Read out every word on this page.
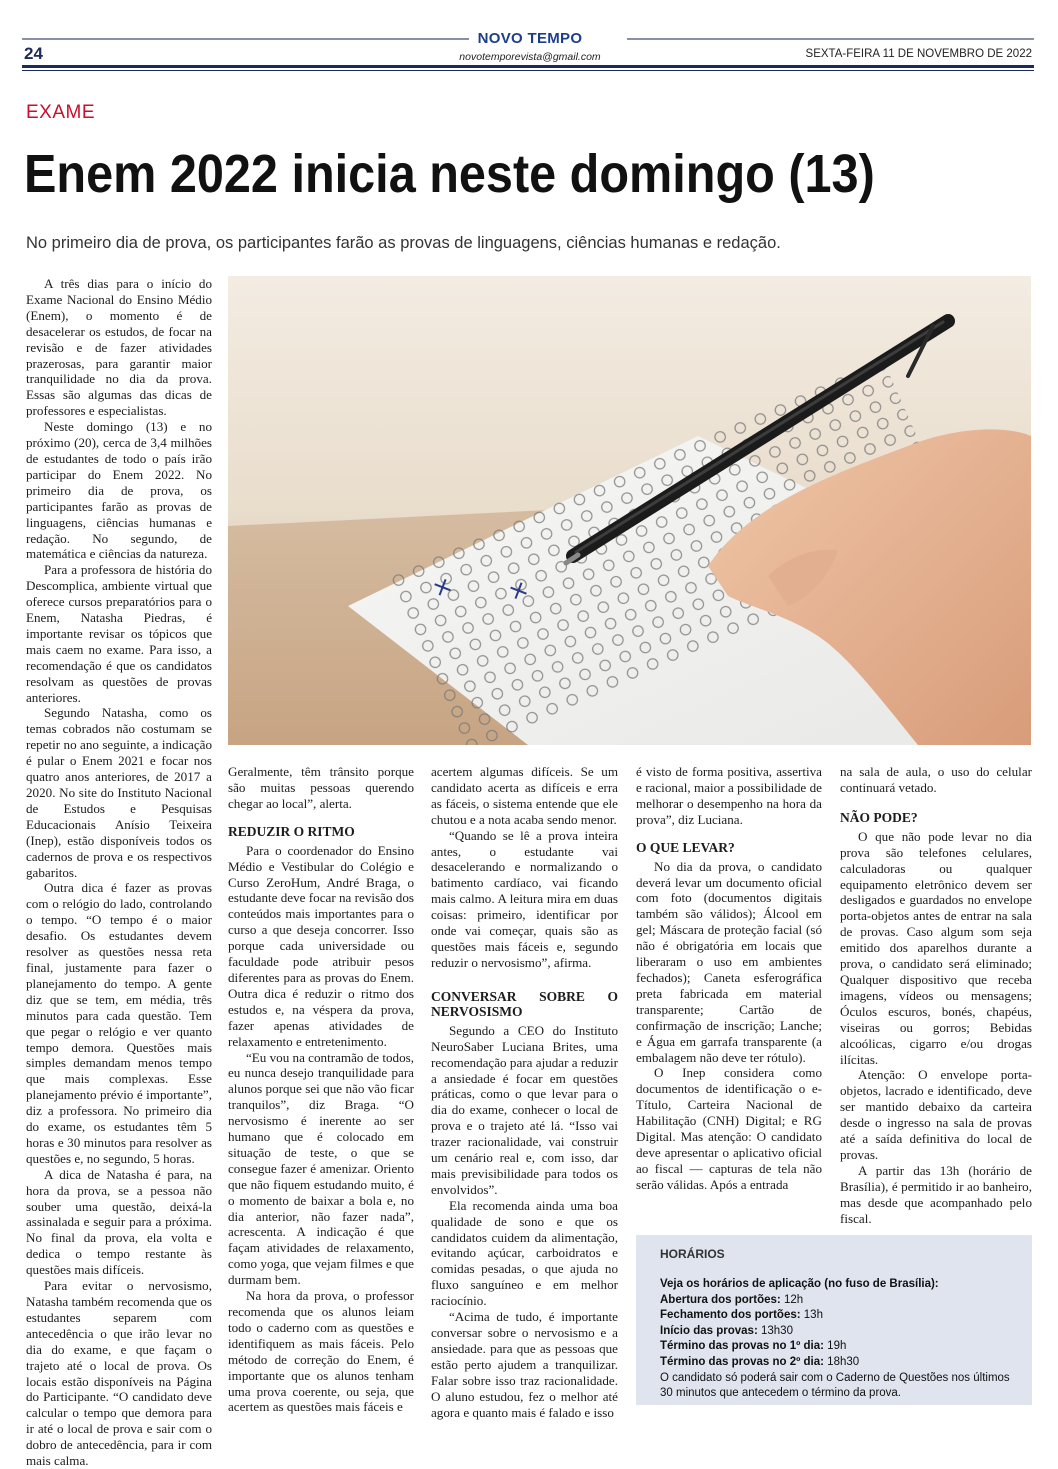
24
NOVO TEMPO
novotemporevista@gmail.com	SEXTA-FEIRA 11 DE NOVEMBRO DE 2022
EXAME
Enem 2022 inicia neste domingo (13)
No primeiro dia de prova, os participantes farão as provas de linguagens, ciências humanas e redação.

A três dias para o início do Exame Nacional do Ensino Médio (Enem), o momento é de desacelerar os estudos, de focar na revisão e de fazer atividades prazerosas, para garantir maior tranquilidade no dia da prova. Essas são algumas das dicas de professores e especialistas.

Neste domingo (13) e no próximo (20), cerca de 3,4 milhões de estudantes de todo o país irão participar do Enem 2022. No primeiro dia de prova, os participantes farão as provas de linguagens, ciências humanas e redação. No segundo, de matemática e ciências da natureza.

Para a professora de história do Descomplica, ambiente virtual que oferece cursos preparatórios para o Enem, Natasha Piedras, é importante revisar os tópicos que mais caem no exame. Para isso, a recomendação é que os candidatos resolvam as questões de provas anteriores.

Segundo Natasha, como os temas cobrados não costumam se repetir no ano seguinte, a indicação é pular o Enem 2021 e focar nos quatro anos anteriores, de 2017 a 2020. No site do Instituto Nacional de Estudos e Pesquisas Educacionais Anísio Teixeira (Inep), estão disponíveis todos os cadernos de prova e os respectivos gabaritos.

Outra dica é fazer as provas com o relógio do lado, controlando o tempo. “O tempo é o maior desafio. Os estudantes devem resolver as questões nessa reta final, justamente para fazer o planejamento do tempo. A gente diz que se tem, em média, três minutos para cada questão. Tem que pegar o relógio e ver quanto tempo demora. Questões mais simples demandam menos tempo que mais complexas. Esse planejamento prévio é importante”, diz a professora. No primeiro dia do exame, os estudantes têm 5 horas e 30 minutos para resolver as questões e, no segundo, 5 horas.

A dica de Natasha é para, na hora da prova, se a pessoa não souber uma questão, deixá-la assinalada e seguir para a próxima. No final da prova, ela volta e dedica o tempo restante às questões mais difíceis.

Para evitar o nervosismo, Natasha também recomenda que os estudantes separem com antecedência o que irão levar no dia do exame, e que façam o trajeto até o local de prova. Os locais estão disponíveis na Página do Participante. “O candidato deve calcular o tempo que demora para ir até o local de prova e sair com o dobro de antecedência, para ir com mais calma.

Geralmente, têm trânsito porque são muitas pessoas querendo chegar ao local”, alerta.

REDUZIR O RITMO

Para o coordenador do Ensino Médio e Vestibular do Colégio e Curso ZeroHum, André Braga, o estudante deve focar na revisão dos conteúdos mais importantes para o curso a que deseja concorrer. Isso porque cada universidade ou faculdade pode atribuir pesos diferentes para as provas do Enem. Outra dica é reduzir o ritmo dos estudos e, na véspera da prova, fazer apenas atividades de relaxamento e entretenimento.

“Eu vou na contramão de todos, eu nunca desejo tranquilidade para alunos porque sei que não vão ficar tranquilos”, diz Braga. “O nervosismo é inerente ao ser humano que é colocado em situação de teste, o que se consegue fazer é amenizar. Oriento que não fiquem estudando muito, é o momento de baixar a bola e, no dia anterior, não fazer nada”, acrescenta. A indicação é que façam atividades de relaxamento, como yoga, que vejam filmes e que durmam bem.

Na hora da prova, o professor recomenda que os alunos leiam todo o caderno com as questões e identifiquem as mais fáceis. Pelo método de correção do Enem, é importante que os alunos tenham uma prova coerente, ou seja, que acertem as questões mais fáceis e

acertem algumas difíceis. Se um candidato acerta as difíceis e erra as fáceis, o sistema entende que ele chutou e a nota acaba sendo menor.

“Quando se lê a prova inteira antes, o estudante vai desacelerando e normalizando o batimento cardíaco, vai ficando mais calmo. A leitura mira em duas coisas: primeiro, identificar por onde vai começar, quais são as questões mais fáceis e, segundo reduzir o nervosismo”, afirma.

CONVERSAR SOBRE O NERVOSISMO

Segundo a CEO do Instituto NeuroSaber Luciana Brites, uma recomendação para ajudar a reduzir a ansiedade é focar em questões práticas, como o que levar para o dia do exame, conhecer o local de prova e o trajeto até lá. “Isso vai trazer racionalidade, vai construir um cenário real e, com isso, dar mais previsibilidade para todos os envolvidos”.

Ela recomenda ainda uma boa qualidade de sono e que os candidatos cuidem da alimentação, evitando açúcar, carboidratos e comidas pesadas, o que ajuda no fluxo sanguíneo e em melhor raciocínio.

“Acima de tudo, é importante conversar sobre o nervosismo e a ansiedade. para que as pessoas que estão perto ajudem a tranquilizar. Falar sobre isso traz racionalidade. O aluno estudou, fez o melhor até agora e quanto mais é falado e isso

é visto de forma positiva, assertiva e racional, maior a possibilidade de melhorar o desempenho na hora da prova”, diz Luciana.

O QUE LEVAR?

No dia da prova, o candidato deverá levar um documento oficial com foto (documentos digitais também são válidos); Álcool em gel; Máscara de proteção facial (só não é obrigatória em locais que liberaram o uso em ambientes fechados); Caneta esferográfica preta fabricada em material transparente; Cartão de confirmação de inscrição; Lanche; e Água em garrafa transparente (a embalagem não deve ter rótulo).

O Inep considera como documentos de identificação o e-Título, Carteira Nacional de Habilitação (CNH) Digital; e RG Digital. Mas atenção: O candidato deve apresentar o aplicativo oficial ao fiscal — capturas de tela não serão válidas. Após a entrada

na sala de aula, o uso do celular continuará vetado.

NÃO PODE?

O que não pode levar no dia prova são telefones celulares, calculadoras ou qualquer equipamento eletrônico devem ser desligados e guardados no envelope porta-objetos antes de entrar na sala de provas. Caso algum som seja emitido dos aparelhos durante a prova, o candidato será eliminado; Qualquer dispositivo que receba imagens, vídeos ou mensagens; Óculos escuros, bonés, chapéus, viseiras ou gorros; Bebidas alcoólicas, cigarro e/ou drogas ilícitas.

Atenção: O envelope porta-objetos, lacrado e identificado, deve ser mantido debaixo da carteira desde o ingresso na sala de provas até a saída definitiva do local de provas.

A partir das 13h (horário de Brasília), é permitido ir ao banheiro, mas desde que acompanhado pelo fiscal.

HORÁRIOS
Veja os horários de aplicação (no fuso de Brasília):
Abertura dos portões: 12h
Fechamento dos portões: 13h
Início das provas: 13h30
Término das provas no 1º dia: 19h
Término das provas no 2º dia: 18h30
O candidato só poderá sair com o Caderno de Questões nos últimos 30 minutos que antecedem o término da prova.
